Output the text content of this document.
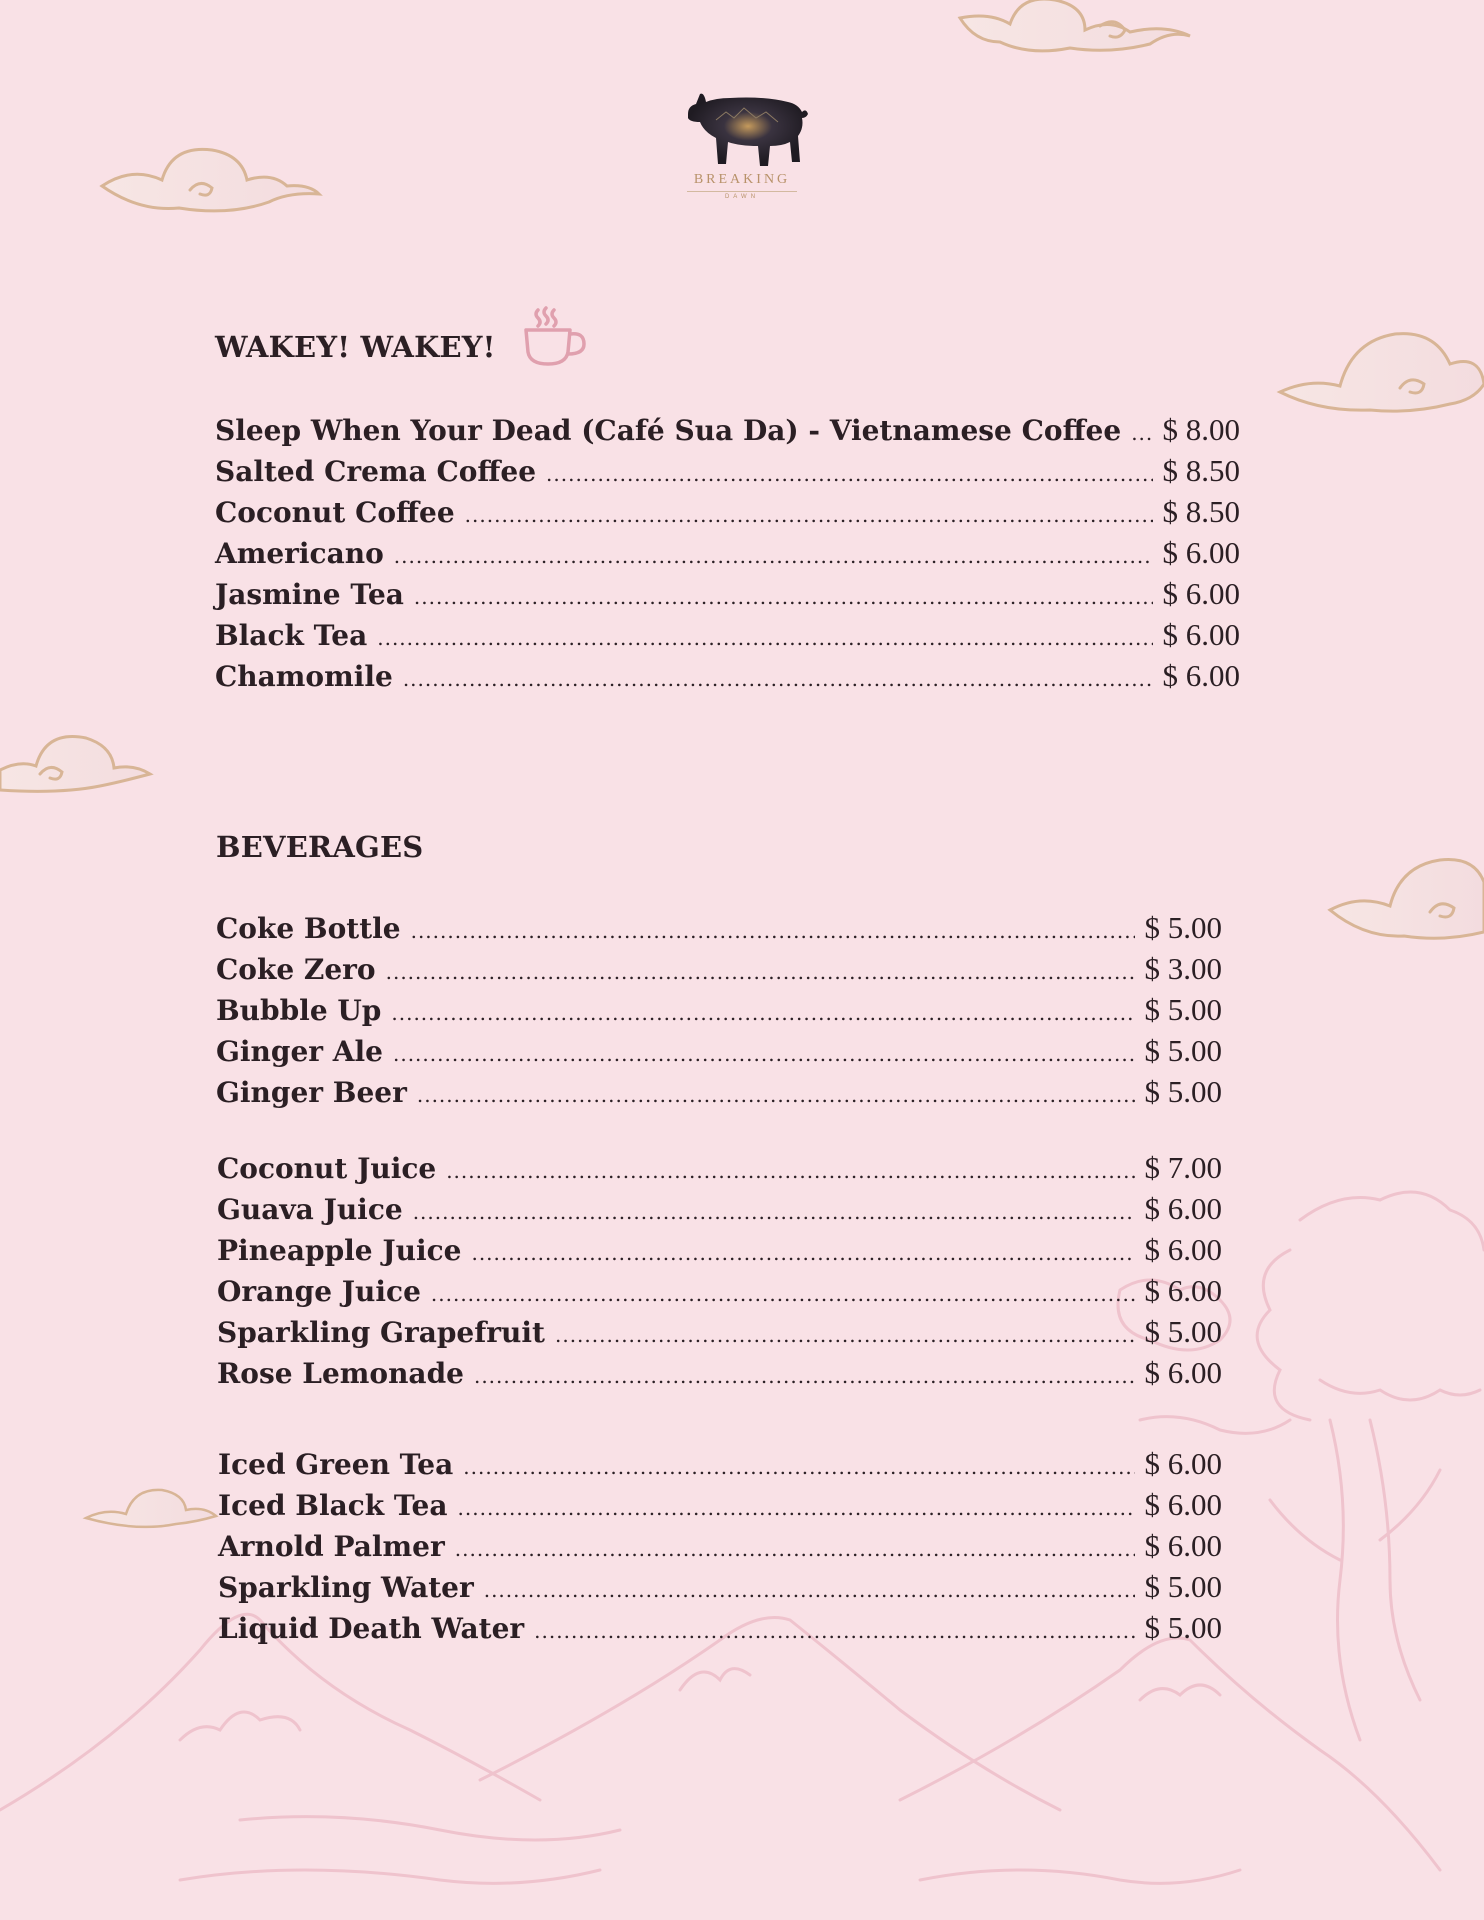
BREAKING
DAWN
WAKEY! WAKEY!
Sleep When Your Dead (Café Sua Da) - Vietnamese Coffee ..... $ 8.00
Salted Crema Coffee .....	$ 8.50
Coconut Coffee .....	$ 8.50
Americano .....	$ 6.00
Jasmine Tea .....	$ 6.00
Black Tea .....	$ 6.00
Chamomile .....	$ 6.00
BEVERAGES
Coke Bottle .....	$ 5.00
Coke Zero .....	$ 3.00
Bubble Up .....	$ 5.00
Ginger Ale .....	$ 5.00
Ginger Beer .....	$ 5.00
Coconut Juice .....	$ 7.00
Guava Juice .....	$ 6.00
Pineapple Juice .....	$ 6.00
Orange Juice .....	$ 6.00
Sparkling Grapefruit .....	$ 5.00
Rose Lemonade .....	$ 6.00
Iced Green Tea .....	$ 6.00
Iced Black Tea .....	$ 6.00
Arnold Palmer .....	$ 6.00
Sparkling Water .....	$ 5.00
Liquid Death Water .....	$ 5.00
